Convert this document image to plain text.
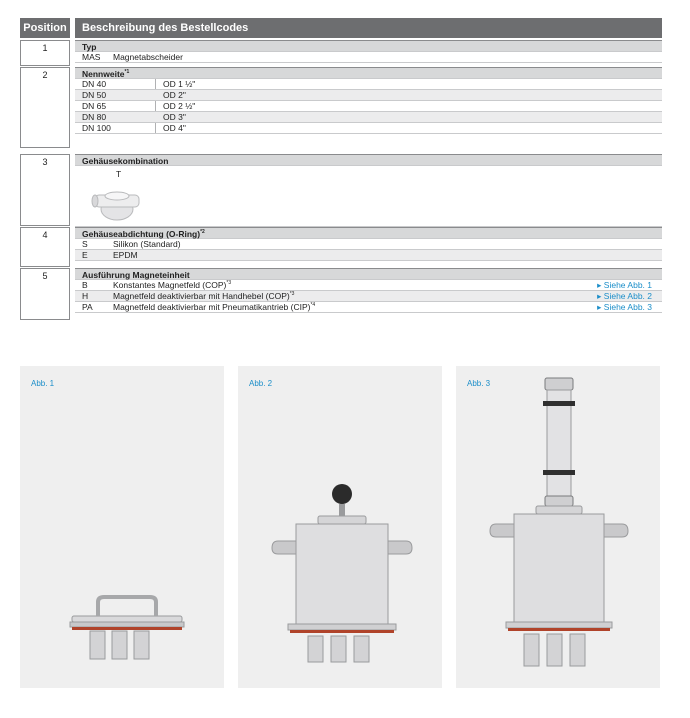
Position	Beschreibung des Bestellcodes
1	Typ
MAS Magnetabscheider
2	Nennweite$^{*1}$
DN 40	OD 1 ½"
DN 50	OD 2"
DN 65	OD 2 ½"
DN 80	OD 3"
DN 100	OD 4"
3	Gehäusekombination
T
4	Gehäuseabdichtung (O-Ring)$^{*2}$
S	Silikon (Standard)
E	EPDM
5	Ausführung Magneteinheit
B	Konstantes Magnetfeld (COP)$^{*3}$	▸ Siehe Abb. 1
H	Magnetfeld deaktivierbar mit Handhebel (COP)$^{*3}$	▸ Siehe Abb. 2
PA Magnetfeld deaktivierbar mit Pneumatikantrieb (CIP)$^{*4}$	▸ Siehe Abb. 3
Abb. 1	Abb. 2	Abb. 3
